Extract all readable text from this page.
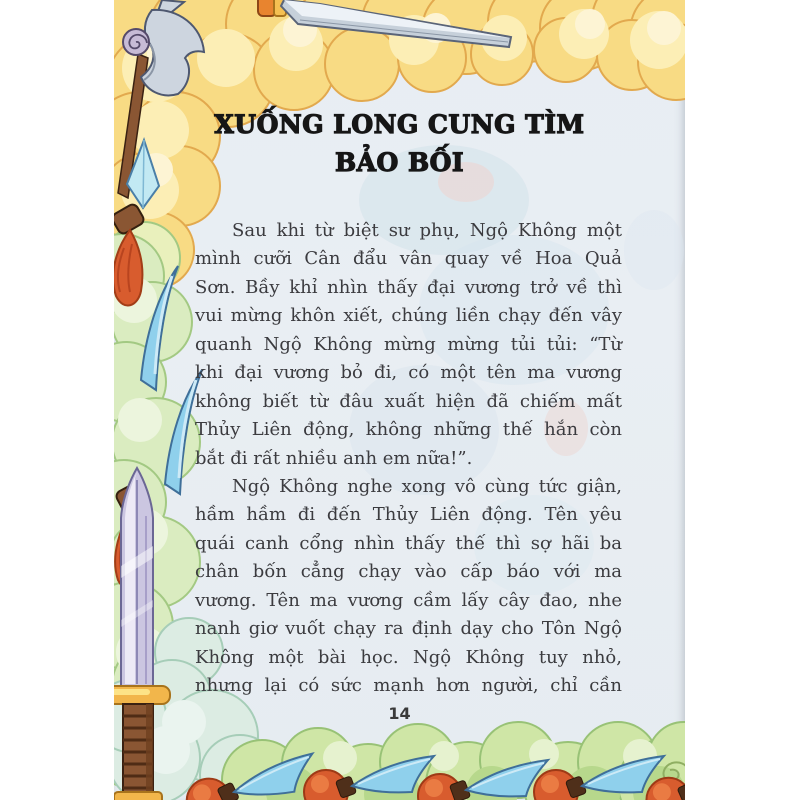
XUỐNG LONG CUNG TÌM
BẢO BỐI
Sau khi từ biệt sư phụ, Ngộ Không một
mình cưỡi Cân đẩu vân quay về Hoa Quả
Sơn. Bầy khỉ nhìn thấy đại vương trở về thì
vui mừng khôn xiết, chúng liền chạy đến vây
quanh Ngộ Không mừng mừng tủi tủi: “Từ
khi đại vương bỏ đi, có một tên ma vương
không biết từ đâu xuất hiện đã chiếm mất
Thủy Liên động, không những thế hắn còn
bắt đi rất nhiều anh em nữa!”.
Ngộ Không nghe xong vô cùng tức giận,
hầm hầm đi đến Thủy Liên động. Tên yêu
quái canh cổng nhìn thấy thế thì sợ hãi ba
chân bốn cẳng chạy vào cấp báo với ma
vương. Tên ma vương cầm lấy cây đao, nhe
nanh giơ vuốt chạy ra định dạy cho Tôn Ngộ
Không một bài học. Ngộ Không tuy nhỏ,
nhưng lại có sức mạnh hơn người, chỉ cần
14
